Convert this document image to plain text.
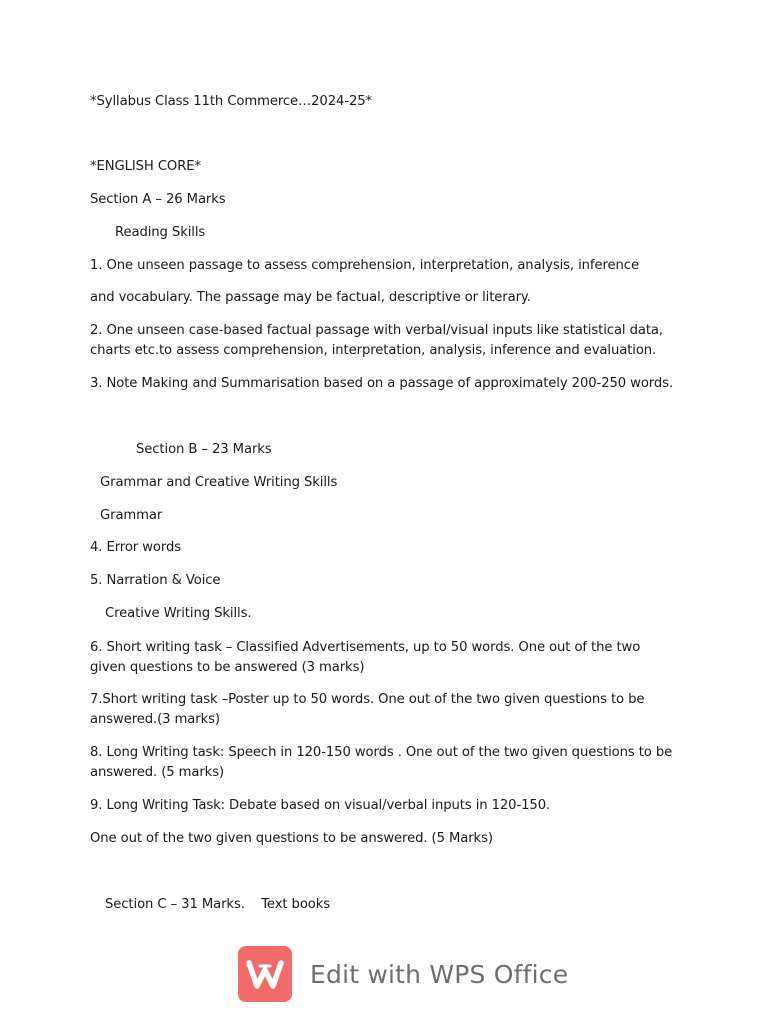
*Syllabus Class 11th Commerce…2024-25*
*ENGLISH CORE*
Section A – 26 Marks
Reading Skills
1. One unseen passage to assess comprehension, interpretation, analysis, inference
and vocabulary. The passage may be factual, descriptive or literary.
2. One unseen case-based factual passage with verbal/visual inputs like statistical data, charts etc.to assess comprehension, interpretation, analysis, inference and evaluation.
3. Note Making and Summarisation based on a passage of approximately 200-250 words.
Section B – 23 Marks
Grammar and Creative Writing Skills
Grammar
4. Error words
5. Narration & Voice
Creative Writing Skills.
6. Short writing task – Classified Advertisements, up to 50 words. One out of the two given questions to be answered (3 marks)
7.Short writing task –Poster up to 50 words. One out of the two given questions to be answered.(3 marks)
8. Long Writing task: Speech in 120-150 words . One out of the two given questions to be answered. (5 marks)
9. Long Writing Task: Debate based on visual/verbal inputs in 120-150.
One out of the two given questions to be answered. (5 Marks)
Section C – 31 Marks.    Text books
Edit with WPS Office
